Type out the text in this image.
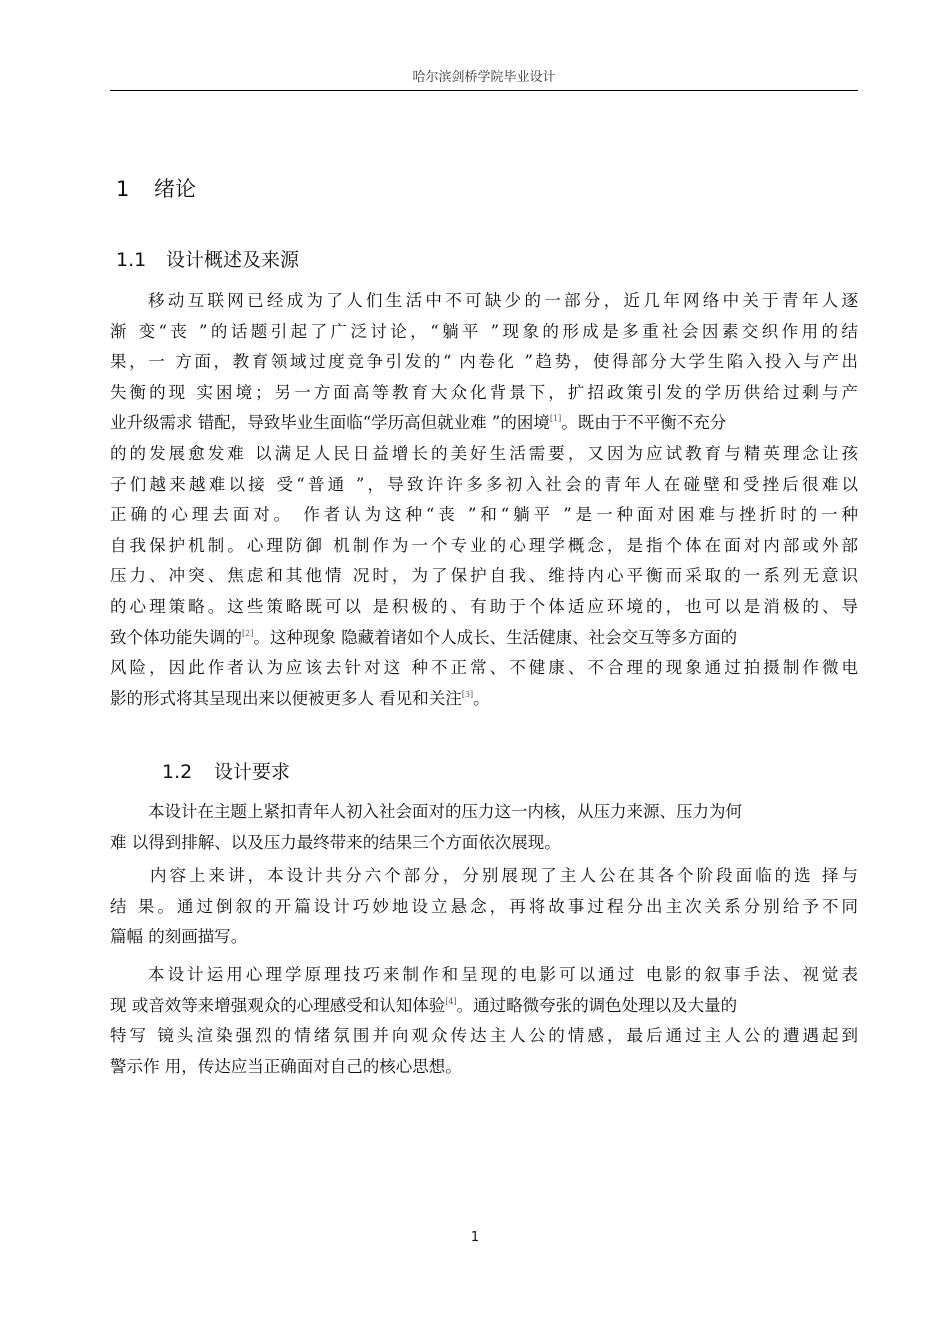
哈尔滨剑桥学院毕业设计
1 绪论
1.1 设计概述及来源
移动互联网已经成为了人们生活中不可缺少的一部分，近几年网络中关于青年人逐
渐 变“丧 ”的话题引起了广泛讨论，“躺平 ”现象的形成是多重社会因素交织作用的结
果，一 方面，教育领域过度竞争引发的“ 内卷化 ”趋势，使得部分大学生陷入投入与产出
失衡的现 实困境；另一方面高等教育大众化背景下，扩招政策引发的学历供给过剩与产
业升级需求 错配，导致毕业生面临“学历高但就业难 ”的困境[1]。既由于不平衡不充分
的的发展愈发难 以满足人民日益增长的美好生活需要，又因为应试教育与精英理念让孩
子们越来越难以接 受“普通 ”，导致许许多多初入社会的青年人在碰壁和受挫后很难以
正确的心理去面对。 作者认为这种“丧 ”和“躺平 ”是一种面对困难与挫折时的一种
自我保护机制。心理防御 机制作为一个专业的心理学概念，是指个体在面对内部或外部
压力、冲突、焦虑和其他情 况时，为了保护自我、维持内心平衡而采取的一系列无意识
的心理策略。这些策略既可以 是积极的、有助于个体适应环境的，也可以是消极的、导
致个体功能失调的[2]。这种现象 隐藏着诸如个人成长、生活健康、社会交互等多方面的
风险，因此作者认为应该去针对这 种不正常、不健康、不合理的现象通过拍摄制作微电
影的形式将其呈现出来以便被更多人 看见和关注[3]。
1.2 设计要求
本设计在主题上紧扣青年人初入社会面对的压力这一内核，从压力来源、压力为何
难 以得到排解、以及压力最终带来的结果三个方面依次展现。
内容上来讲，本设计共分六个部分，分别展现了主人公在其各个阶段面临的选 择与
结 果。通过倒叙的开篇设计巧妙地设立悬念，再将故事过程分出主次关系分别给予不同
篇幅 的刻画描写。
本设计运用心理学原理技巧来制作和呈现的电影可以通过 电影的叙事手法、视觉表
现 或音效等来增强观众的心理感受和认知体验[4]。通过略微夸张的调色处理以及大量的
特写 镜头渲染强烈的情绪氛围并向观众传达主人公的情感，最后通过主人公的遭遇起到
警示作 用，传达应当正确面对自己的核心思想。
1
